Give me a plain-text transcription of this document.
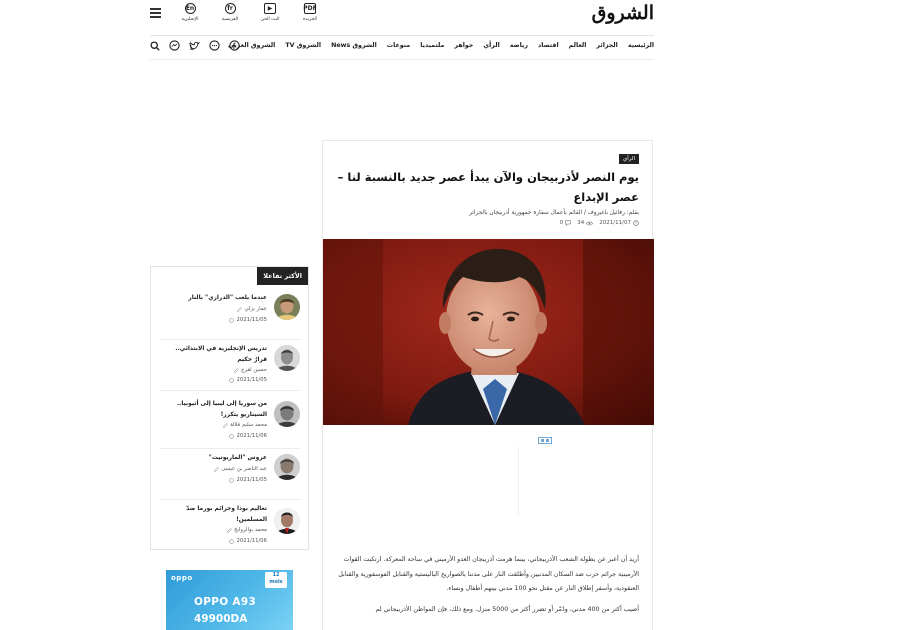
En
الإنجليزية
fr
الفرنسية
▶
البث الحي
PDF
الجريدة	الشروق
الرئيسية
الجزائر
العالم
اقتصاد
رياضة
الرأي
جواهر
ملتميديا
منوعات
الشروق News
الشروق TV
الشروق العربي
الرأي
يوم النصر لأذربيجان والآن يبدأ عصر جديد بالنسبة لنا – عصر الإبداع
بقلم: رفائيل باغيروف / القائم بأعمال سفارة جمهورية أذربيجان بالجزائر
2021/11/07
34
0

أريد أن أعبر عن بطولة الشعب الأذربيجاني، بينما هزمت أذربيجان العدو الأرميني في ساحة المعركة. ارتكبت القوات الأرمينية جرائم حرب ضد السكان المدنيين وأطلقت النار على مدننا بالصواريخ الباليستية والقنابل الفوسفورية والقنابل العنقودية، وأسفر إطلاق النار عن مقتل نحو 100 مدني بينهم أطفال ونساء.

أصيب أكثر من 400 مدني، ودُمّر أو تضرر أكثر من 5000 منزل. ومع ذلك، فإن المواطن الأذربيجاني لم

الأكثر تفاعلا
عندما يلعب "الدراري" بالنار
عمار يزلي
2021/11/05
تدريس الإنجليزية في الابتدائي.. قرارٌ حكيم
حسين لقرع
2021/11/05
من سوريا إلى ليبيا إلى أثيوبيا.. السيناريو يتكرر!
محمد سليم قلالة
2021/11/06
عروس "الماريونيت"
عبد الناصر بن عيسى
2021/11/05
تعاليم بوذا وجرائم بورما ضدّ المسلمين!
محمد بوالروايح
2021/11/06
oppo	12 mois
OPPO A93
49900DA
